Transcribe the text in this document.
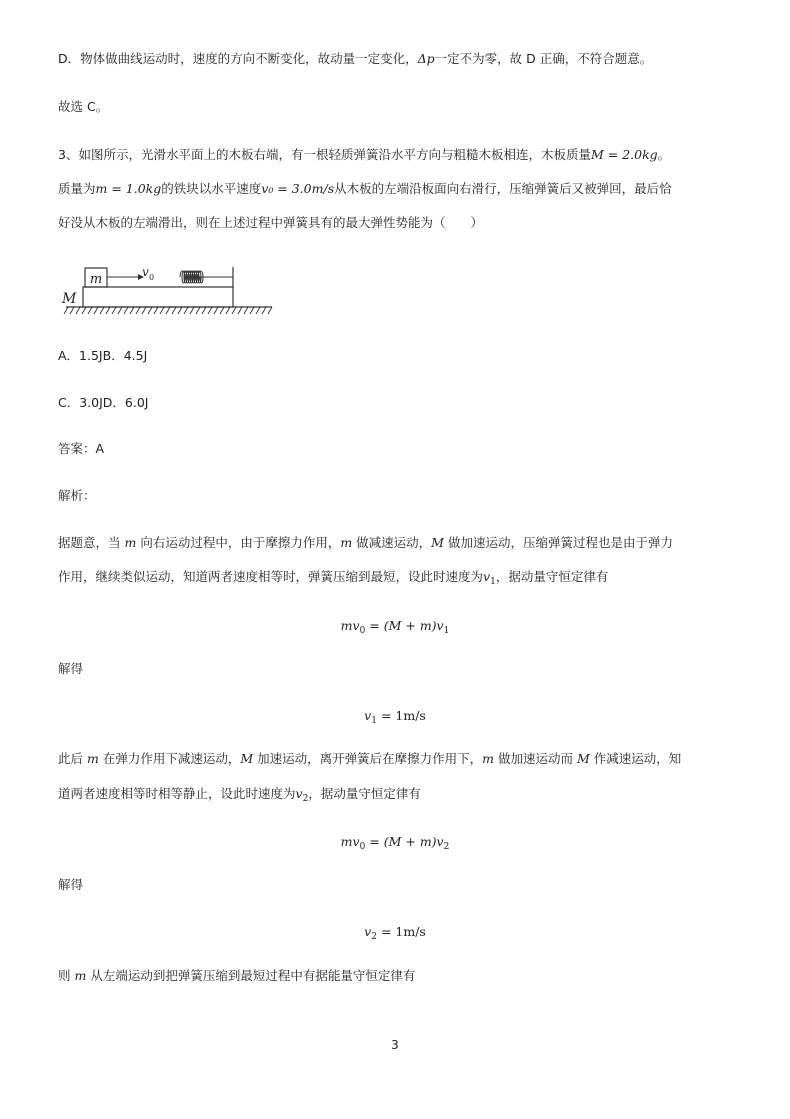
D．物体做曲线运动时，速度的方向不断变化，故动量一定变化，Δp一定不为零，故 D 正确，不符合题意。
故选 C。
3、如图所示，光滑水平面上的木板右端，有一根轻质弹簧沿水平方向与粗糙木板相连，木板质量M = 2.0kg。
质量为m = 1.0kg的铁块以水平速度v₀ = 3.0m/s从木板的左端沿板面向右滑行，压缩弹簧后又被弹回，最后恰
好没从木板的左端滑出，则在上述过程中弹簧具有的最大弹性势能为（　　）
m	v 0
M
A．1.5JB．4.5J
C．3.0JD．6.0J
答案：A
解析：
据题意，当 m 向右运动过程中，由于摩擦力作用，m 做减速运动，M 做加速运动，压缩弹簧过程也是由于弹力
作用，继续类似运动，知道两者速度相等时，弹簧压缩到最短，设此时速度为$v_1$，据动量守恒定律有
$mv_0 = (M + m)v_1$
解得
$v_1 = 1m/s$
此后 m 在弹力作用下减速运动，M 加速运动，离开弹簧后在摩擦力作用下，m 做加速运动而 M 作减速运动，知
道两者速度相等时相等静止，设此时速度为$v_2$，据动量守恒定律有
$mv_0 = (M + m)v_2$
解得
$v_2 = 1m/s$
则 m 从左端运动到把弹簧压缩到最短过程中有据能量守恒定律有
3
